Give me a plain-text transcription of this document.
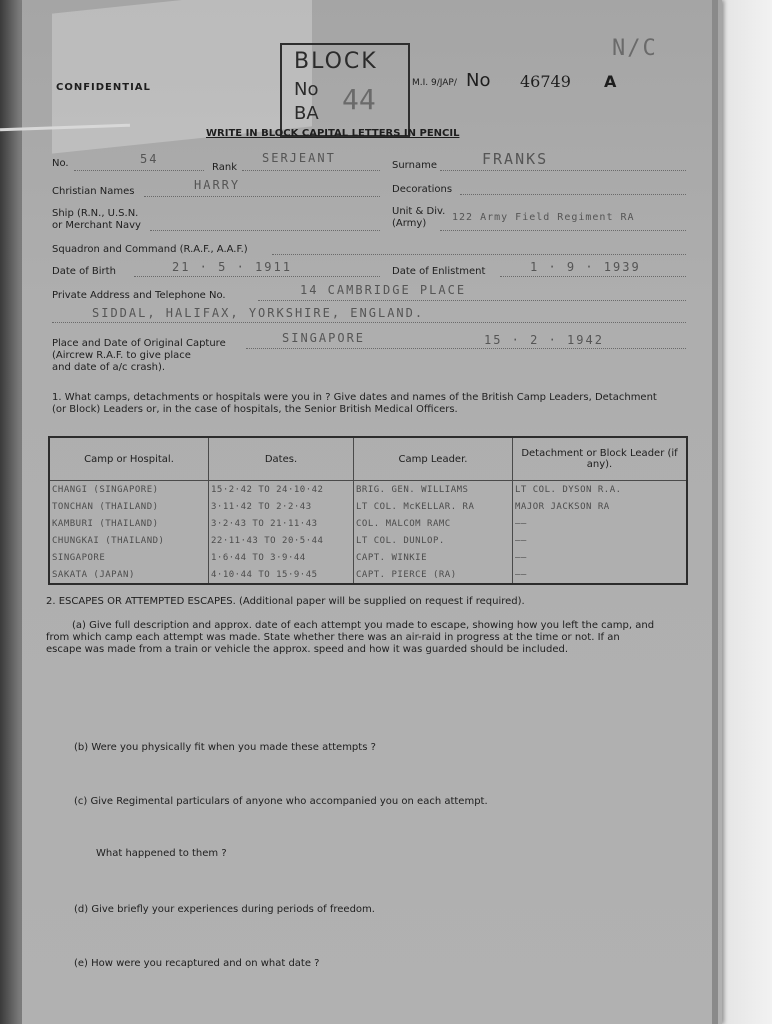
CONFIDENTIAL
BLOCK
No
BA 44	M.I. 9/JAP/ No 46749 A
N/C
WRITE IN BLOCK CAPITAL LETTERS IN PENCIL
No.	54
Rank
SERJEANT
Surname	FRANKS
Christian Names	HARRY	Decorations
Ship (R.N., U.S.N.
or Merchant Navy
Unit & Div.
(Army)
122 Army Field Regiment RA
Squadron and Command (R.A.F., A.A.F.)
Date of Birth	21 · 5 · 1911	Date of Enlistment	1 · 9 · 1939
Private Address and Telephone No.	14 CAMBRIDGE PLACE
SIDDAL, HALIFAX, YORKSHIRE, ENGLAND.
Place and Date of Original Capture
(Aircrew R.A.F. to give place
and date of a/c crash).
SINGAPORE	15 · 2 · 1942
1. What camps, detachments or hospitals were you in ? Give dates and names of the British Camp Leaders, Detachment
(or Block) Leaders or, in the case of hospitals, the Senior British Medical Officers.
Camp or Hospital.	Dates.	Camp Leader.	Detachment or Block Leader (if any).
CHANGI (SINGAPORE)	15·2·42 TO 24·10·42	BRIG. GEN. WILLIAMS	LT COL. DYSON R.A.
TONCHAN (THAILAND)	3·11·42 TO 2·2·43	LT COL. McKELLAR. RA	MAJOR JACKSON RA
KAMBURI (THAILAND)	3·2·43 TO 21·11·43	COL. MALCOM RAMC	——
CHUNGKAI (THAILAND)	22·11·43 TO 20·5·44	LT COL. DUNLOP.	——
SINGAPORE	1·6·44 TO 3·9·44	CAPT. WINKIE	——
SAKATA (JAPAN)	4·10·44 TO 15·9·45	CAPT. PIERCE (RA)	——
2. ESCAPES OR ATTEMPTED ESCAPES. (Additional paper will be supplied on request if required).
(a) Give full description and approx. date of each attempt you made to escape, showing how you left the camp, and
from which camp each attempt was made. State whether there was an air-raid in progress at the time or not. If an
escape was made from a train or vehicle the approx. speed and how it was guarded should be included.
(b) Were you physically fit when you made these attempts ?
(c) Give Regimental particulars of anyone who accompanied you on each attempt.
What happened to them ?
(d) Give briefly your experiences during periods of freedom.
(e) How were you recaptured and on what date ?
